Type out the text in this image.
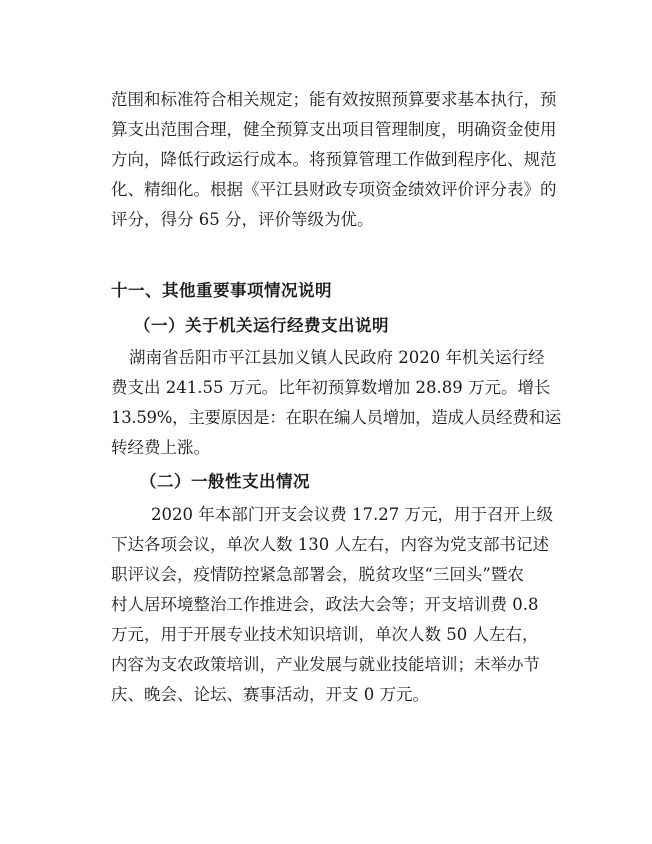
范围和标准符合相关规定；能有效按照预算要求基本执行，预
算支出范围合理，健全预算支出项目管理制度，明确资金使用
方向，降低行政运行成本。将预算管理工作做到程序化、规范
化、精细化。根据《平江县财政专项资金绩效评价评分表》的
评分，得分 65 分，评价等级为优。
十一、其他重要事项情况说明
（一）关于机关运行经费支出说明
湖南省岳阳市平江县加义镇人民政府 2020 年机关运行经
费支出 241.55 万元。比年初预算数增加 28.89 万元。增长
13.59%，主要原因是：在职在编人员增加，造成人员经费和运
转经费上涨。
（二）一般性支出情况
2020 年本部门开支会议费 17.27 万元，用于召开上级
下达各项会议，单次人数 130 人左右，内容为党支部书记述
职评议会，疫情防控紧急部署会，脱贫攻坚“三回头”暨农
村人居环境整治工作推进会，政法大会等；开支培训费 0.8
万元，用于开展专业技术知识培训，单次人数 50 人左右，
内容为支农政策培训，产业发展与就业技能培训；未举办节
庆、晚会、论坛、赛事活动，开支 0 万元。
